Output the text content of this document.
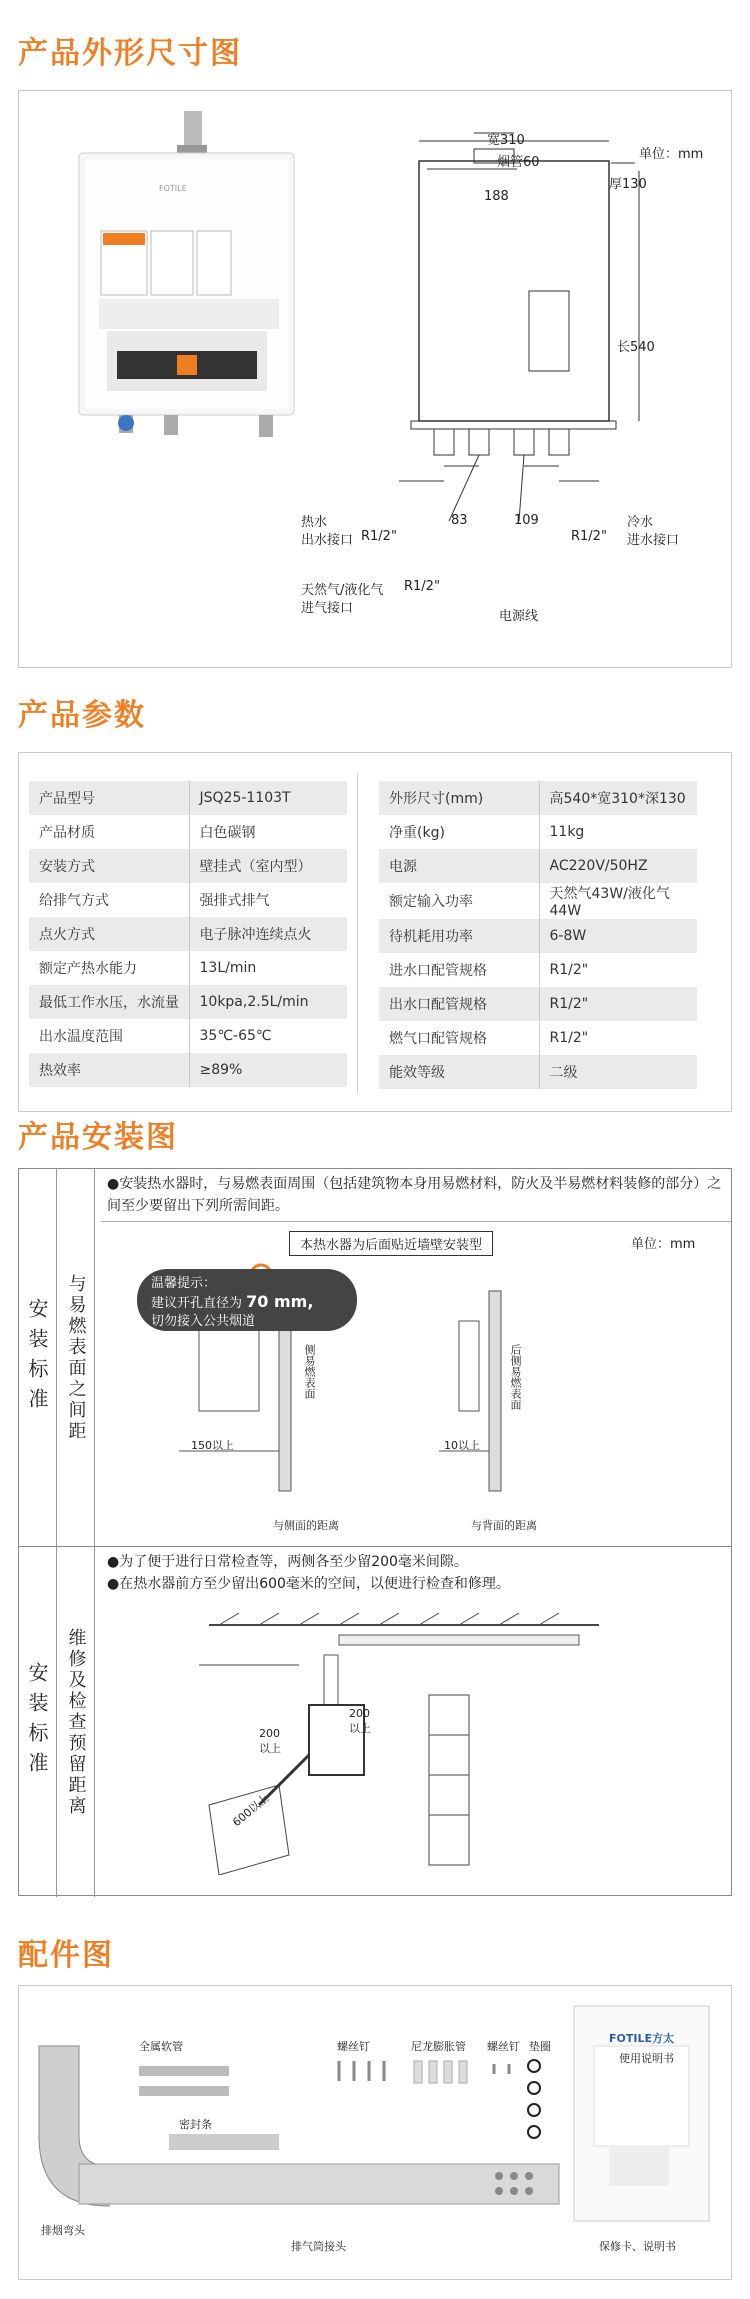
产品外形尺寸图
FOTILE
单位：mm
宽310
烟管60
188
厚130
长540
83	109
热水
出水接口 R1/2"	R1/2"
冷水
进水接口
天然气/液化气 R1/2"
进气接口
电源线
产品参数
产品型号	JSQ25-1103T
产品材质	白色碳钢
安装方式	壁挂式（室内型）
给排气方式	强排式排气
点火方式	电子脉冲连续点火
额定产热水能力	13L/min
最低工作水压，水流量	10kpa,2.5L/min
出水温度范围	35℃-65℃
热效率	≥89%
外形尺寸(mm)	高540*宽310*深130
净重(kg)	11kg
电源	AC220V/50HZ
额定输入功率	天然气43W/液化气44W
待机耗用功率	6-8W
进水口配管规格	R1/2"
出水口配管规格	R1/2"
燃气口配管规格	R1/2"
能效等级	二级
产品安装图
安装标准 与易燃表面之间距
●安装热水器时，与易燃表面周围（包括建筑物本身用易燃材料，防火及半易燃材料装修的部分）之间至少要留出下列所需间距。
本热水器为后面贴近墙壁安装型	单位：mm
温馨提示：
建议开孔直径为 70 mm,
切勿接入公共烟道
侧易燃表面	后侧易燃表面
150以上	10以上
与侧面的距离	与背面的距离
安装标准 维修及检查预留距离
●为了便于进行日常检查等，两侧各至少留200毫米间隙。
●在热水器前方至少留出600毫米的空间，以便进行检查和修理。
200
以上
200
以上
600以上
配件图
全属软管	螺丝钉	尼龙膨胀管 螺丝钉 垫圈
密封条
排烟弯头
排气筒接头
FOTILE方太
使用说明书
保修卡、说明书
